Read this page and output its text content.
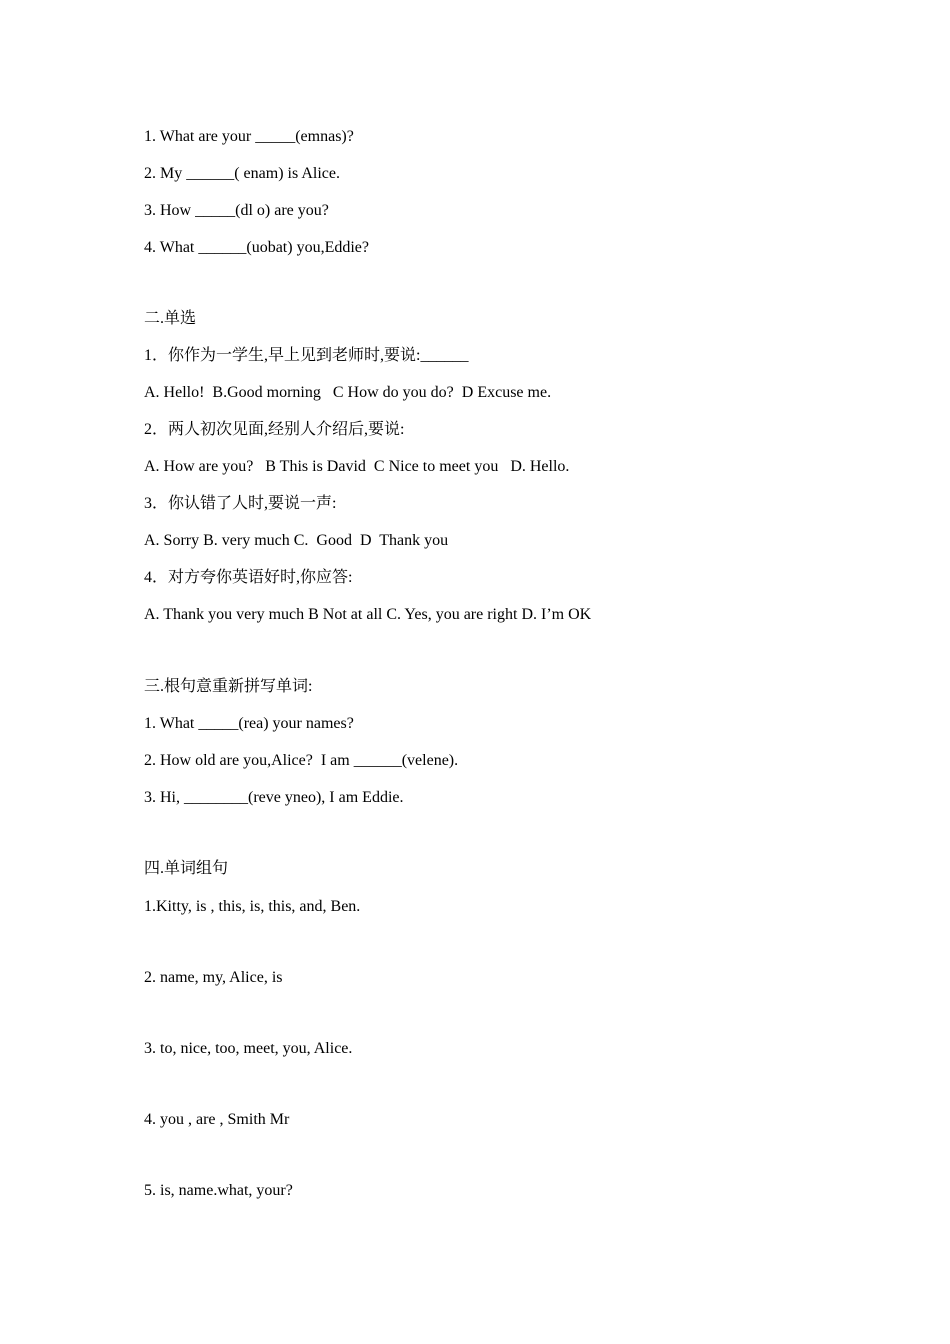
1. What are your _____(emnas)?
2. My ______( enam) is Alice.
3. How _____(dl o) are you?
4. What ______(uobat) you,Eddie?
二.单选
1．你作为一学生,早上见到老师时,要说:______
A. Hello!  B.Good morning   C How do you do?  D Excuse me.
2．两人初次见面,经别人介绍后,要说:
A. How are you?   B This is David  C Nice to meet you   D. Hello.
3．你认错了人时,要说一声:
A. Sorry B. very much C.  Good  D  Thank you
4．对方夸你英语好时,你应答:
A. Thank you very much B Not at all C. Yes, you are right D. I’m OK
三.根句意重新拼写单词:
1. What _____(rea) your names?
2. How old are you,Alice?  I am ______(velene).
3. Hi, ________(reve yneo), I am Eddie.
四.单词组句
1.Kitty, is , this, is, this, and, Ben.
2. name, my, Alice, is
3. to, nice, too, meet, you, Alice.
4. you , are , Smith Mr
5. is, name.what, your?
